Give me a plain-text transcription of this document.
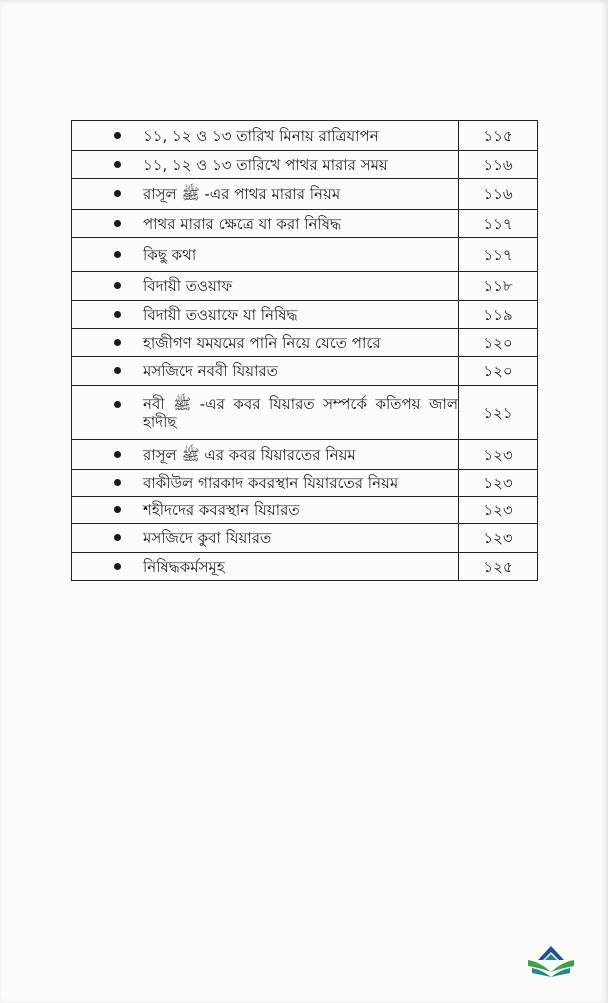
১১, ১২ ও ১৩ তারিখ মিনায় রাত্রিযাপন	১১৫
১১, ১২ ও ১৩ তারিখে পাথর মারার সময়	১১৬
রাসূল ﷺ -এর পাথর মারার নিয়ম	১১৬
পাথর মারার ক্ষেত্রে যা করা নিষিদ্ধ	১১৭
কিছু কথা	১১৭
বিদায়ী তওয়াফ	১১৮
বিদায়ী তওয়াফে যা নিষিদ্ধ	১১৯
হাজীগণ যমযমের পানি নিয়ে যেতে পারে	১২০
মসজিদে নববী যিয়ারত	১২০

নবী ﷺ -এর কবর যিয়ারত সম্পর্কে কতিপয় জাল হাদীছ	১২১
রাসূল ﷺ এর কবর যিয়ারতের নিয়ম	১২৩
বাকীউল গারকাদ কবরস্থান যিয়ারতের নিয়ম	১২৩
শহীদদের কবরস্থান যিয়ারত	১২৩
মসজিদে কুবা যিয়ারত	১২৩
নিষিদ্ধকর্মসমূহ	১২৫
